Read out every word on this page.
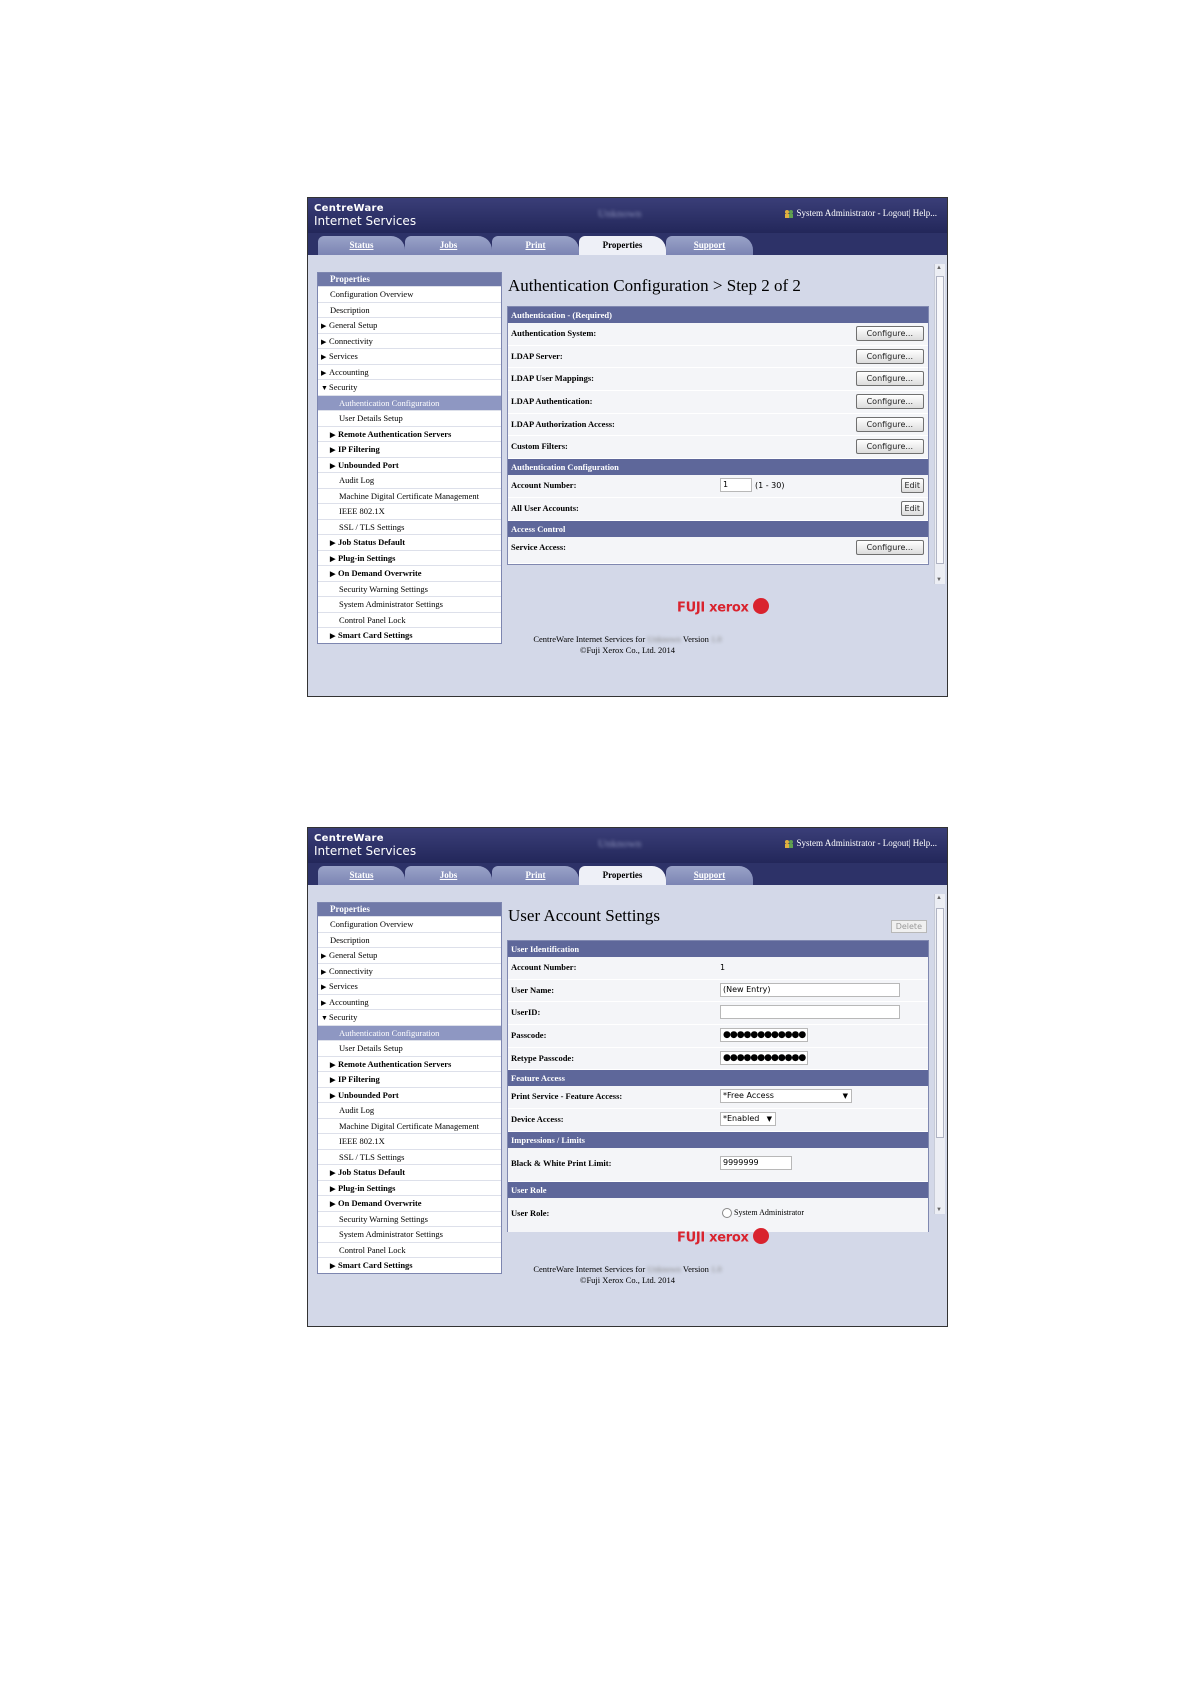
CentreWare
Internet Services	Unknown	System Administrator - Logout| Help...
Status	Jobs	Print	Properties	Support
Properties
Configuration Overview
Description
▶ General Setup
▶ Connectivity
▶ Services
▶ Accounting
▼Security
Authentication Configuration
User Details Setup
▶ Remote Authentication Servers
▶ IP Filtering
▶ Unbounded Port
Audit Log
Machine Digital Certificate Management
IEEE 802.1X
SSL / TLS Settings
▶ Job Status Default
▶ Plug-in Settings
▶ On Demand Overwrite
Security Warning Settings
System Administrator Settings
Control Panel Lock
▶ Smart Card Settings
Authentication Configuration > Step 2 of 2
Authentication - (Required)
Authentication System:	Configure...
LDAP Server:	Configure...
LDAP User Mappings:	Configure...
LDAP Authentication:	Configure...
LDAP Authorization Access:	Configure...
Custom Filters:	Configure...
Authentication Configuration
Account Number:	1	(1 - 30)	Edit
All User Accounts:	Edit
Access Control
Service Access:	Configure...
▲
▼
FUJI xerox
CentreWare Internet Services for Unknown Version 1.0
©Fuji Xerox Co., Ltd. 2014
CentreWare
Internet Services	Unknown	System Administrator - Logout| Help...
Status	Jobs	Print	Properties	Support
Properties
Configuration Overview
Description
▶ General Setup
▶ Connectivity
▶ Services
▶ Accounting
▼Security
Authentication Configuration
User Details Setup
▶ Remote Authentication Servers
▶ IP Filtering
▶ Unbounded Port
Audit Log
Machine Digital Certificate Management
IEEE 802.1X
SSL / TLS Settings
▶ Job Status Default
▶ Plug-in Settings
▶ On Demand Overwrite
Security Warning Settings
System Administrator Settings
Control Panel Lock
▶ Smart Card Settings
User Account Settings
Delete
User Identification
Account Number:	1
User Name:	(New Entry)
UserID:
Passcode:	●●●●●●●●●●●●
Retype Passcode:	●●●●●●●●●●●●
Feature Access
Print Service - Feature Access:	*Free Access	▼
Device Access:	*Enabled ▼
Impressions / Limits
Black & White Print Limit:	9999999
User Role
User Role:	System Administrator
▲
▼
FUJI xerox
CentreWare Internet Services for Unknown Version 1.0
©Fuji Xerox Co., Ltd. 2014
